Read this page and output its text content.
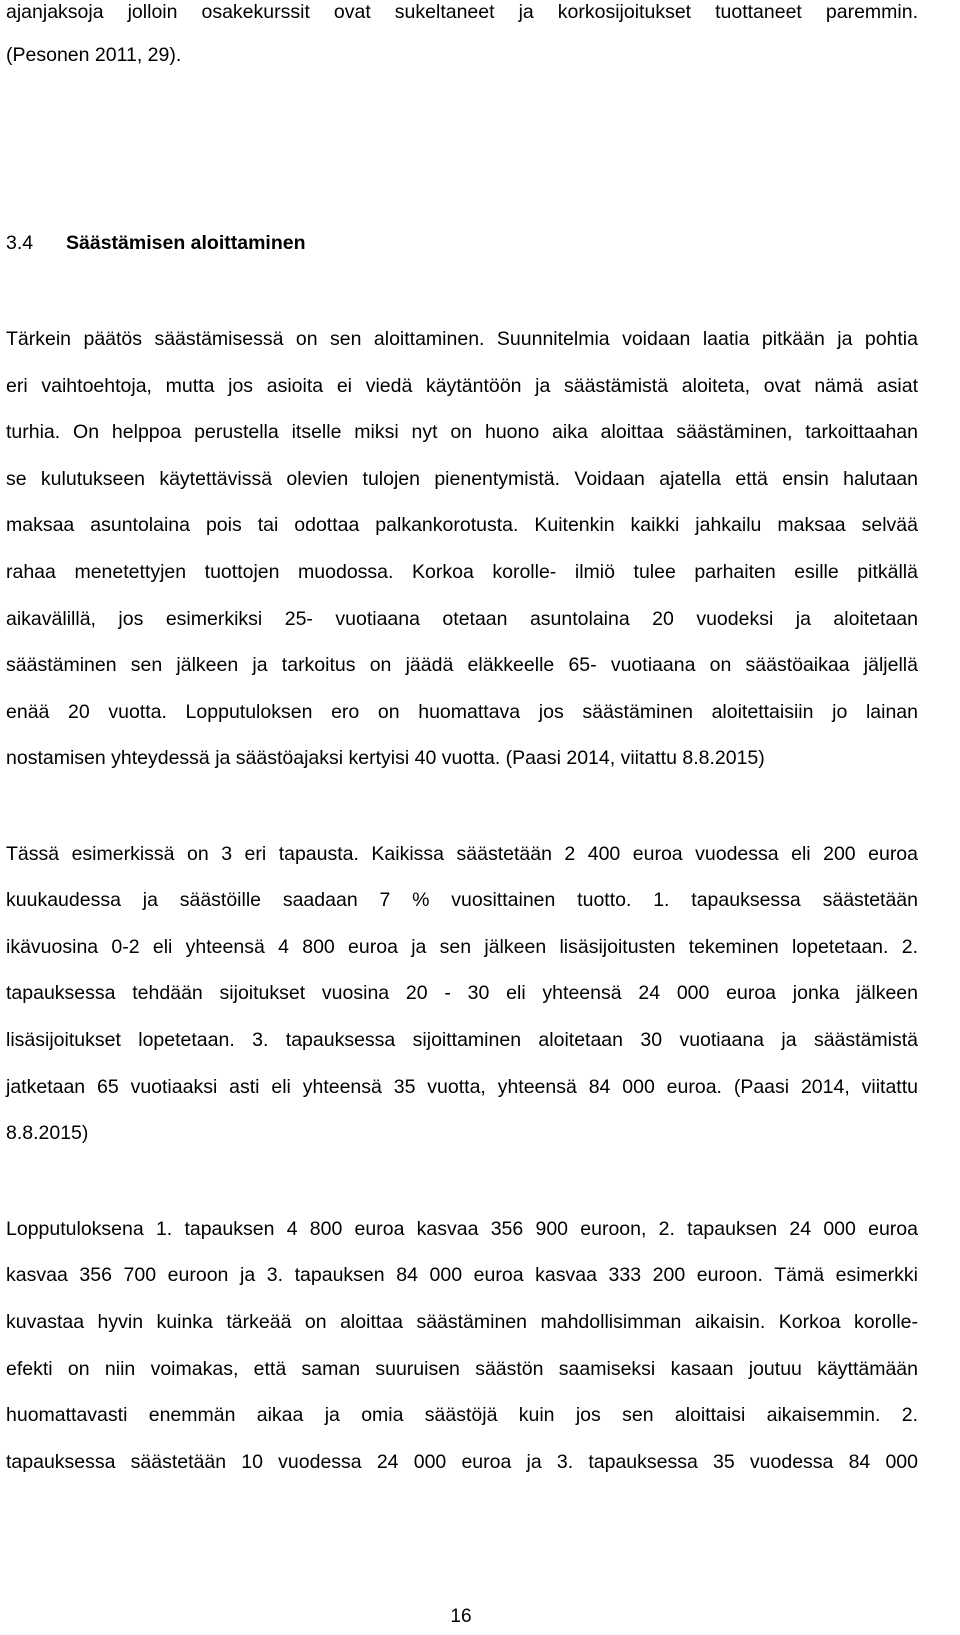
ajanjaksoja jolloin osakekurssit ovat sukeltaneet ja korkosijoitukset tuottaneet paremmin.
(Pesonen 2011, 29).
3.4 Säästämisen aloittaminen
Tärkein päätös säästämisessä on sen aloittaminen. Suunnitelmia voidaan laatia pitkään ja pohtia
eri vaihtoehtoja, mutta jos asioita ei viedä käytäntöön ja säästämistä aloiteta, ovat nämä asiat
turhia. On helppoa perustella itselle miksi nyt on huono aika aloittaa säästäminen, tarkoittaahan
se kulutukseen käytettävissä olevien tulojen pienentymistä. Voidaan ajatella että ensin halutaan
maksaa asuntolaina pois tai odottaa palkankorotusta. Kuitenkin kaikki jahkailu maksaa selvää
rahaa menetettyjen tuottojen muodossa. Korkoa korolle- ilmiö tulee parhaiten esille pitkällä
aikavälillä, jos esimerkiksi 25- vuotiaana otetaan asuntolaina 20 vuodeksi ja aloitetaan
säästäminen sen jälkeen ja tarkoitus on jäädä eläkkeelle 65- vuotiaana on säästöaikaa jäljellä
enää 20 vuotta. Lopputuloksen ero on huomattava jos säästäminen aloitettaisiin jo lainan
nostamisen yhteydessä ja säästöajaksi kertyisi 40 vuotta. (Paasi 2014, viitattu 8.8.2015)
Tässä esimerkissä on 3 eri tapausta. Kaikissa säästetään 2 400 euroa vuodessa eli 200 euroa
kuukaudessa ja säästöille saadaan 7 % vuosittainen tuotto. 1. tapauksessa säästetään
ikävuosina 0-2 eli yhteensä 4 800 euroa ja sen jälkeen lisäsijoitusten tekeminen lopetetaan. 2.
tapauksessa tehdään sijoitukset vuosina 20 - 30 eli yhteensä 24 000 euroa jonka jälkeen
lisäsijoitukset lopetetaan. 3. tapauksessa sijoittaminen aloitetaan 30 vuotiaana ja säästämistä
jatketaan 65 vuotiaaksi asti eli yhteensä 35 vuotta, yhteensä 84 000 euroa. (Paasi 2014, viitattu
8.8.2015)
Lopputuloksena 1. tapauksen 4 800 euroa kasvaa 356 900 euroon, 2. tapauksen 24 000 euroa
kasvaa 356 700 euroon ja 3. tapauksen 84 000 euroa kasvaa 333 200 euroon. Tämä esimerkki
kuvastaa hyvin kuinka tärkeää on aloittaa säästäminen mahdollisimman aikaisin. Korkoa korolle-
efekti on niin voimakas, että saman suuruisen säästön saamiseksi kasaan joutuu käyttämään
huomattavasti enemmän aikaa ja omia säästöjä kuin jos sen aloittaisi aikaisemmin. 2.
tapauksessa säästetään 10 vuodessa 24 000 euroa ja 3. tapauksessa 35 vuodessa 84 000
16
